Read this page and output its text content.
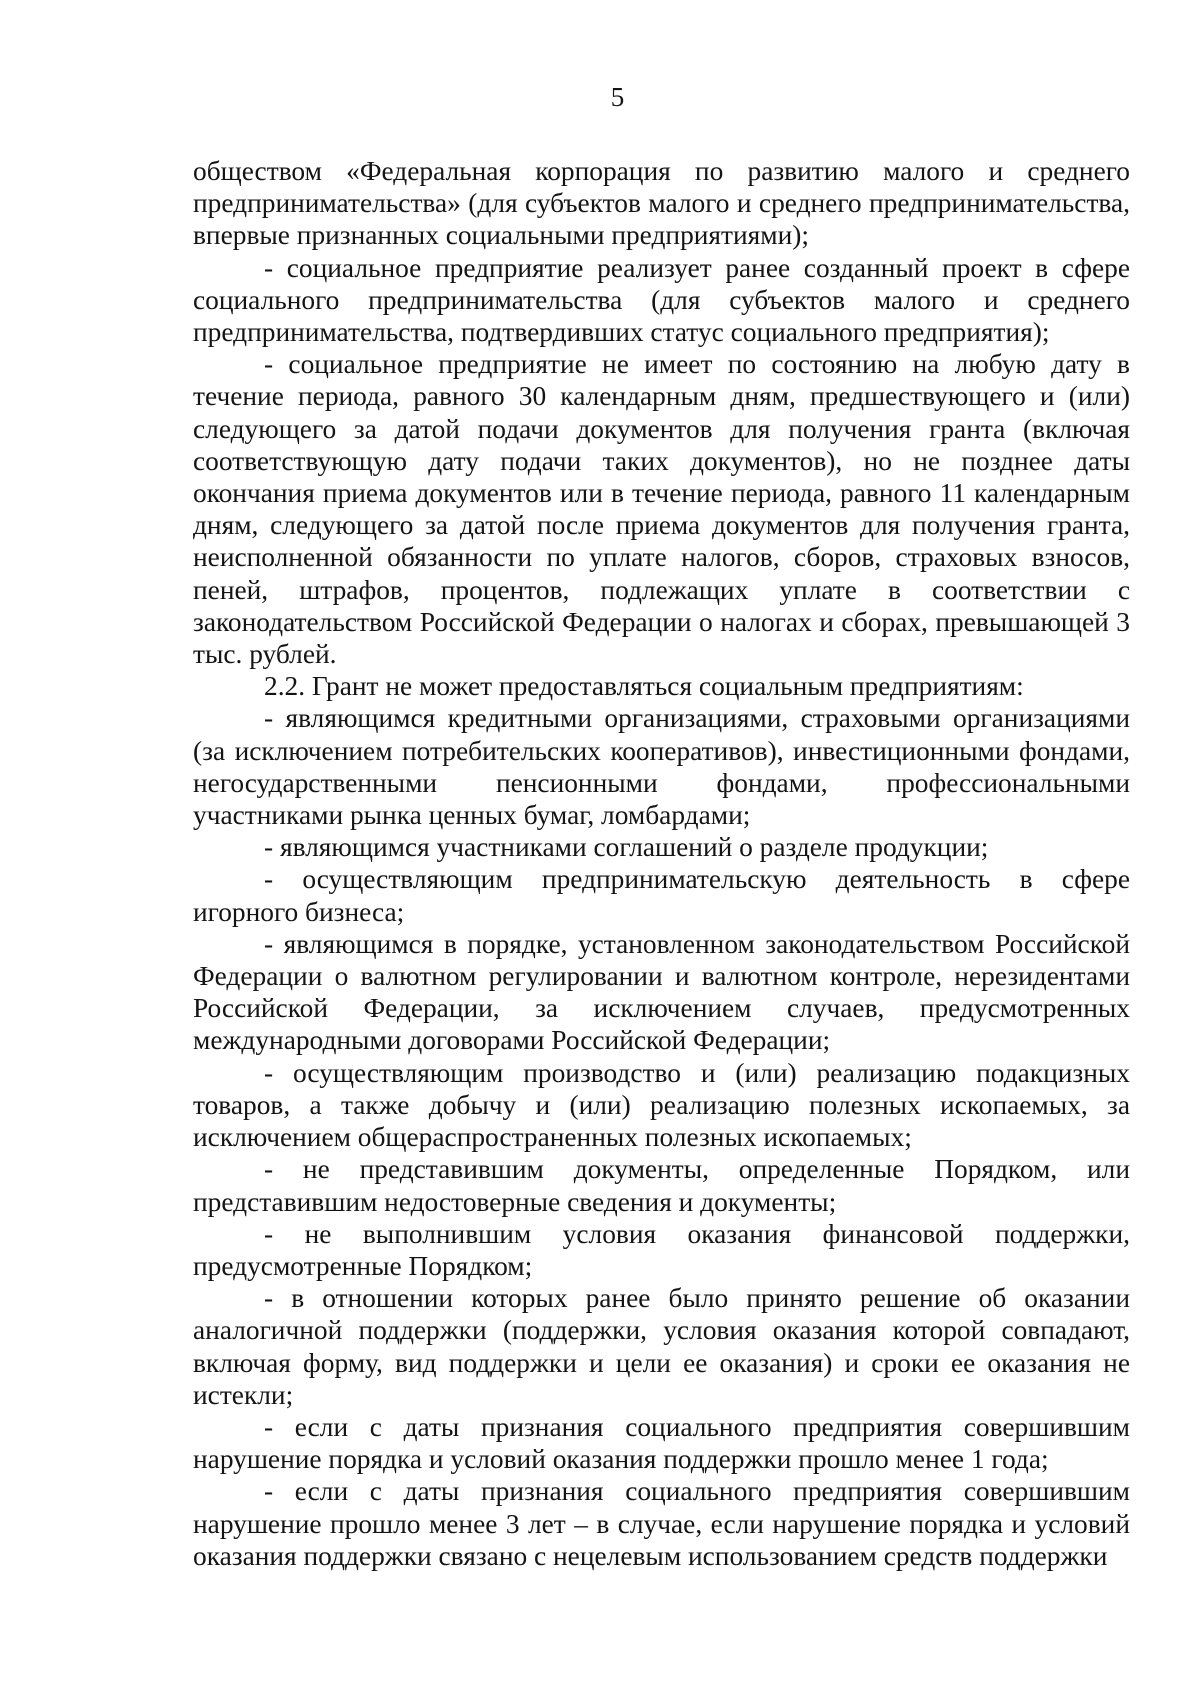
5

обществом «Федеральная корпорация по развитию малого и среднего предпринимательства» (для субъектов малого и среднего предпринимательства, впервые признанных социальными предприятиями);

- социальное предприятие реализует ранее созданный проект в сфере социального предпринимательства (для субъектов малого и среднего предпринимательства, подтвердивших статус социального предприятия);

- социальное предприятие не имеет по состоянию на любую дату в течение периода, равного 30 календарным дням, предшествующего и (или) следующего за датой подачи документов для получения гранта (включая соответствующую дату подачи таких документов), но не позднее даты окончания приема документов или в течение периода, равного 11 календарным дням, следующего за датой после приема документов для получения гранта, неисполненной обязанности по уплате налогов, сборов, страховых взносов, пеней, штрафов, процентов, подлежащих уплате в соответствии с законодательством Российской Федерации о налогах и сборах, превышающей 3 тыс. рублей.

2.2. Грант не может предоставляться социальным предприятиям:

- являющимся кредитными организациями, страховыми организациями (за исключением потребительских кооперативов), инвестиционными фондами, негосударственными пенсионными фондами, профессиональными участниками рынка ценных бумаг, ломбардами;

- являющимся участниками соглашений о разделе продукции;

- осуществляющим предпринимательскую деятельность в сфере игорного бизнеса;

- являющимся в порядке, установленном законодательством Российской Федерации о валютном регулировании и валютном контроле, нерезидентами Российской Федерации, за исключением случаев, предусмотренных международными договорами Российской Федерации;

- осуществляющим производство и (или) реализацию подакцизных товаров, а также добычу и (или) реализацию полезных ископаемых, за исключением общераспространенных полезных ископаемых;

- не представившим документы, определенные Порядком, или представившим недостоверные сведения и документы;

- не выполнившим условия оказания финансовой поддержки, предусмотренные Порядком;

- в отношении которых ранее было принято решение об оказании аналогичной поддержки (поддержки, условия оказания которой совпадают, включая форму, вид поддержки и цели ее оказания) и сроки ее оказания не истекли;

- если с даты признания социального предприятия совершившим нарушение порядка и условий оказания поддержки прошло менее 1 года;

- если с даты признания социального предприятия совершившим нарушение прошло менее 3 лет – в случае, если нарушение порядка и условий оказания поддержки связано с нецелевым использованием средств поддержки
